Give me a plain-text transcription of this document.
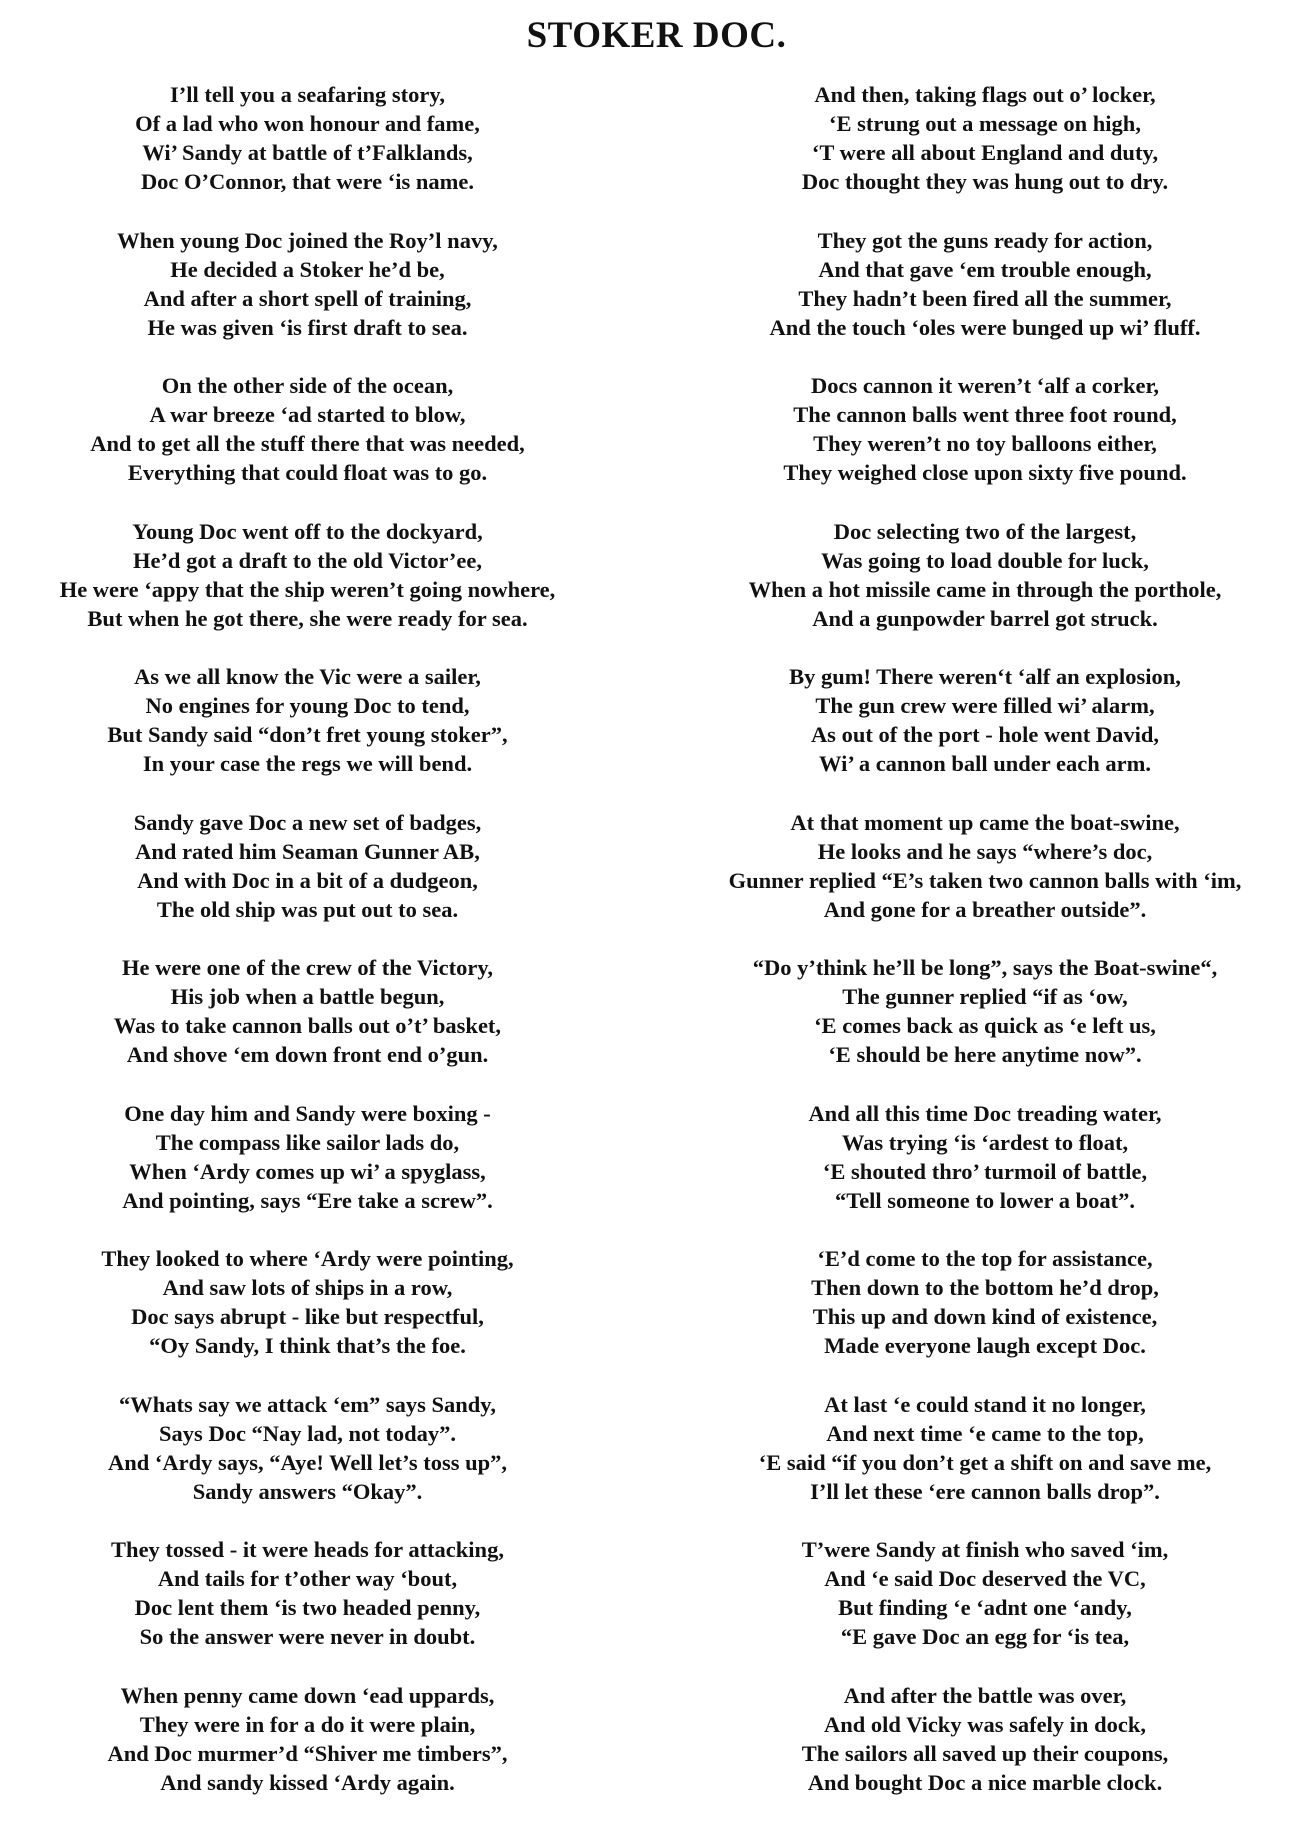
STOKER DOC.
I’ll tell you a seafaring story,
Of a lad who won honour and fame,
Wi’ Sandy at battle of t’Falklands,
Doc O’Connor, that were ‘is name.
When young Doc joined the Roy’l navy,
He decided a Stoker he’d be,
And after a short spell of training,
He was given ‘is first draft to sea.
On the other side of the ocean,
A war breeze ‘ad started to blow,
And to get all the stuff there that was needed,
Everything that could float was to go.
Young Doc went off to the dockyard,
He’d got a draft to the old Victor’ee,
He were ‘appy that the ship weren’t going nowhere,
But when he got there, she were ready for sea.
As we all know the Vic were a sailer,
No engines for young Doc to tend,
But Sandy said “don’t fret young stoker”,
In your case the regs we will bend.
Sandy gave Doc a new set of badges,
And rated him Seaman Gunner AB,
And with Doc in a bit of a dudgeon,
The old ship was put out to sea.
He were one of the crew of the Victory,
His job when a battle begun,
Was to take cannon balls out o’t’ basket,
And shove ‘em down front end o’gun.
One day him and Sandy were boxing -
The compass like sailor lads do,
When ‘Ardy comes up wi’ a spyglass,
And pointing, says “Ere take a screw”.
They looked to where ‘Ardy were pointing,
And saw lots of ships in a row,
Doc says abrupt - like but respectful,
“Oy Sandy, I think that’s the foe.
“Whats say we attack ‘em” says Sandy,
Says Doc “Nay lad, not today”.
And ‘Ardy says, “Aye! Well let’s toss up”,
Sandy answers “Okay”.
They tossed - it were heads for attacking,
And tails for t’other way ‘bout,
Doc lent them ‘is two headed penny,
So the answer were never in doubt.
When penny came down ‘ead uppards,
They were in for a do it were plain,
And Doc murmer’d “Shiver me timbers”,
And sandy kissed ‘Ardy again.
And then, taking flags out o’ locker,
‘E strung out a message on high,
‘T were all about England and duty,
Doc thought they was hung out to dry.
They got the guns ready for action,
And that gave ‘em trouble enough,
They hadn’t been fired all the summer,
And the touch ‘oles were bunged up wi’ fluff.
Docs cannon it weren’t ‘alf a corker,
The cannon balls went three foot round,
They weren’t no toy balloons either,
They weighed close upon sixty five pound.
Doc selecting two of the largest,
Was going to load double for luck,
When a hot missile came in through the porthole,
And a gunpowder barrel got struck.
By gum! There weren‘t ‘alf an explosion,
The gun crew were filled wi’ alarm,
As out of the port - hole went David,
Wi’ a cannon ball under each arm.
At that moment up came the boat-swine,
He looks and he says “where’s doc,
Gunner replied “E’s taken two cannon balls with ‘im,
And gone for a breather outside”.
“Do y’think he’ll be long”, says the Boat-swine“,
The gunner replied “if as ‘ow,
‘E comes back as quick as ‘e left us,
‘E should be here anytime now”.
And all this time Doc treading water,
Was trying ‘is ‘ardest to float,
‘E shouted thro’ turmoil of battle,
“Tell someone to lower a boat”.
‘E’d come to the top for assistance,
Then down to the bottom he’d drop,
This up and down kind of existence,
Made everyone laugh except Doc.
At last ‘e could stand it no longer,
And next time ‘e came to the top,
‘E said “if you don’t get a shift on and save me,
I’ll let these ‘ere cannon balls drop”.
T’were Sandy at finish who saved ‘im,
And ‘e said Doc deserved the VC,
But finding ‘e ‘adnt one ‘andy,
“E gave Doc an egg for ‘is tea,
And after the battle was over,
And old Vicky was safely in dock,
The sailors all saved up their coupons,
And bought Doc a nice marble clock.
